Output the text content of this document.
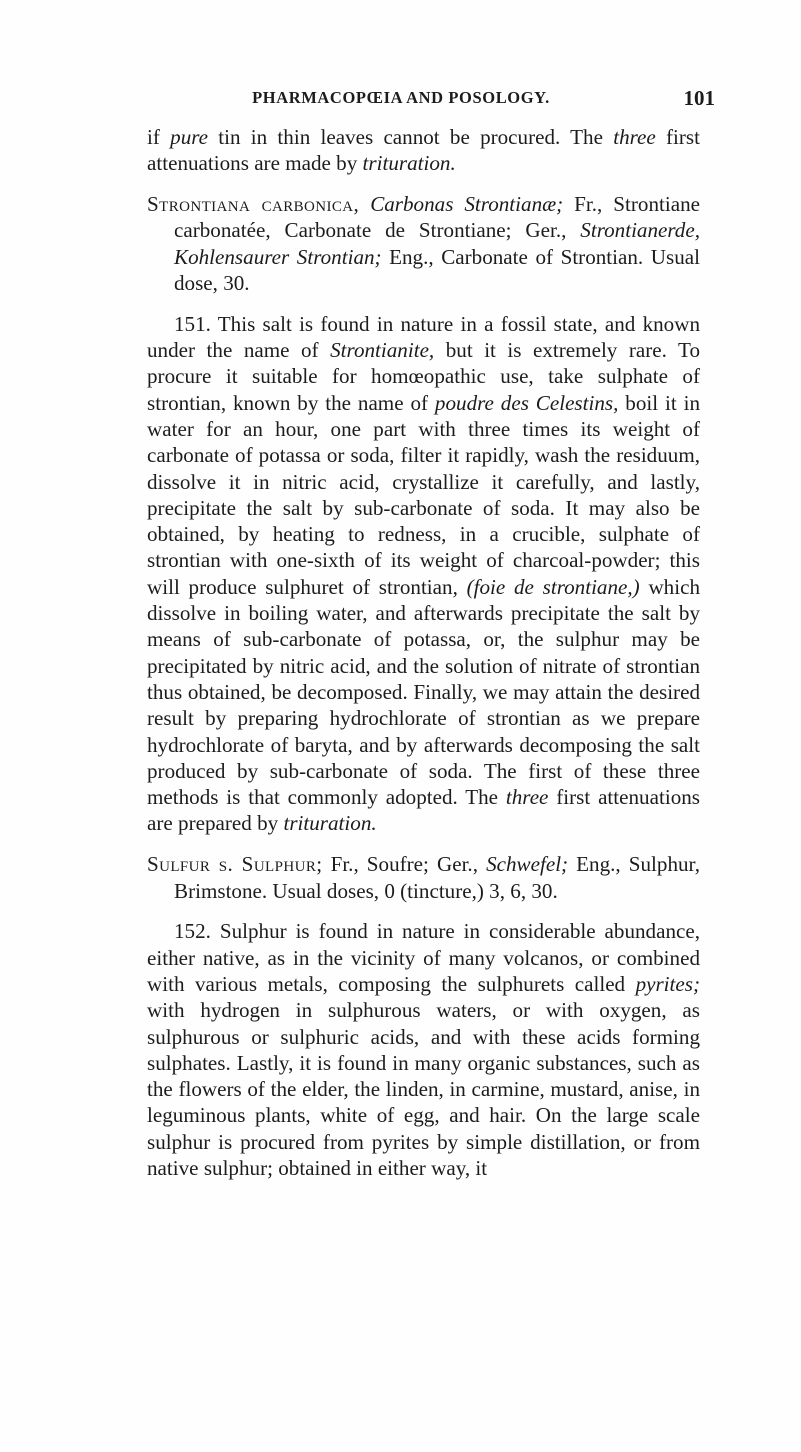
PHARMACOPŒIA AND POSOLOGY.	101

if pure tin in thin leaves cannot be procured. The three first attenuations are made by trituration.

Strontiana carbonica, Carbonas Strontianæ; Fr., Strontiane carbonatée, Carbonate de Strontiane; Ger., Strontianerde, Kohlensaurer Strontian; Eng., Carbonate of Strontian. Usual dose, 30.

151. This salt is found in nature in a fossil state, and known under the name of Strontianite, but it is extremely rare. To procure it suitable for homœopathic use, take sulphate of strontian, known by the name of poudre des Celestins, boil it in water for an hour, one part with three times its weight of carbonate of potassa or soda, filter it rapidly, wash the residuum, dissolve it in nitric acid, crystallize it carefully, and lastly, precipitate the salt by sub-carbonate of soda. It may also be obtained, by heating to redness, in a crucible, sulphate of strontian with one-sixth of its weight of charcoal-powder; this will produce sulphuret of strontian, (foie de strontiane,) which dissolve in boiling water, and afterwards precipitate the salt by means of sub-carbonate of potassa, or, the sulphur may be precipitated by nitric acid, and the solution of nitrate of strontian thus obtained, be decomposed. Finally, we may attain the desired result by preparing hydrochlorate of strontian as we prepare hydrochlorate of baryta, and by afterwards decomposing the salt produced by sub-carbonate of soda. The first of these three methods is that commonly adopted. The three first attenuations are prepared by trituration.

Sulfur s. Sulphur; Fr., Soufre; Ger., Schwefel; Eng., Sulphur, Brimstone. Usual doses, 0 (tincture,) 3, 6, 30.

152. Sulphur is found in nature in considerable abundance, either native, as in the vicinity of many volcanos, or combined with various metals, composing the sulphurets called pyrites; with hydrogen in sulphurous waters, or with oxygen, as sulphurous or sulphuric acids, and with these acids forming sulphates. Lastly, it is found in many organic substances, such as the flowers of the elder, the linden, in carmine, mustard, anise, in leguminous plants, white of egg, and hair. On the large scale sulphur is procured from pyrites by simple distillation, or from native sulphur; obtained in either way, it
